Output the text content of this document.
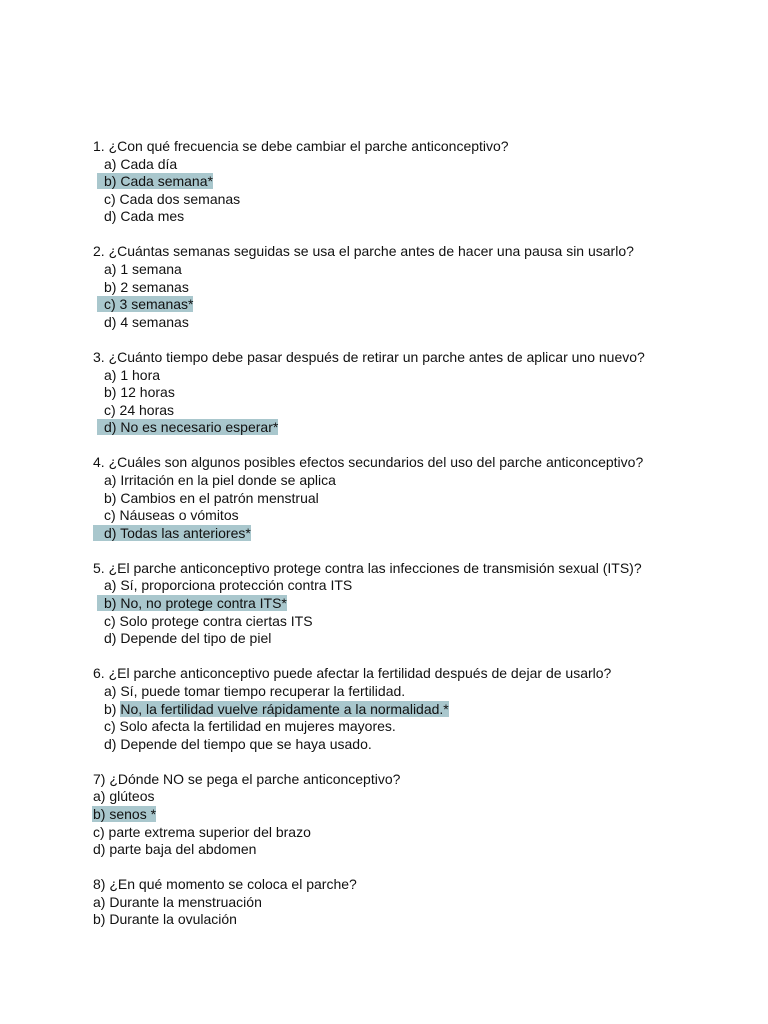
1. ¿Con qué frecuencia se debe cambiar el parche anticonceptivo?
a) Cada día
b) Cada semana*
c) Cada dos semanas
d) Cada mes
2. ¿Cuántas semanas seguidas se usa el parche antes de hacer una pausa sin usarlo?
a) 1 semana
b) 2 semanas
c) 3 semanas*
d) 4 semanas
3. ¿Cuánto tiempo debe pasar después de retirar un parche antes de aplicar uno nuevo?
a) 1 hora
b) 12 horas
c) 24 horas
d) No es necesario esperar*
4. ¿Cuáles son algunos posibles efectos secundarios del uso del parche anticonceptivo?
a) Irritación en la piel donde se aplica
b) Cambios en el patrón menstrual
c) Náuseas o vómitos
d) Todas las anteriores*
5. ¿El parche anticonceptivo protege contra las infecciones de transmisión sexual (ITS)?
a) Sí, proporciona protección contra ITS
b) No, no protege contra ITS*
c) Solo protege contra ciertas ITS
d) Depende del tipo de piel
6. ¿El parche anticonceptivo puede afectar la fertilidad después de dejar de usarlo?
a) Sí, puede tomar tiempo recuperar la fertilidad.
b) No, la fertilidad vuelve rápidamente a la normalidad.*
c) Solo afecta la fertilidad en mujeres mayores.
d) Depende del tiempo que se haya usado.
7) ¿Dónde NO se pega el parche anticonceptivo?
a) glúteos
b) senos *
c) parte extrema superior del brazo
d) parte baja del abdomen
8) ¿En qué momento se coloca el parche?
a) Durante la menstruación
b) Durante la ovulación
